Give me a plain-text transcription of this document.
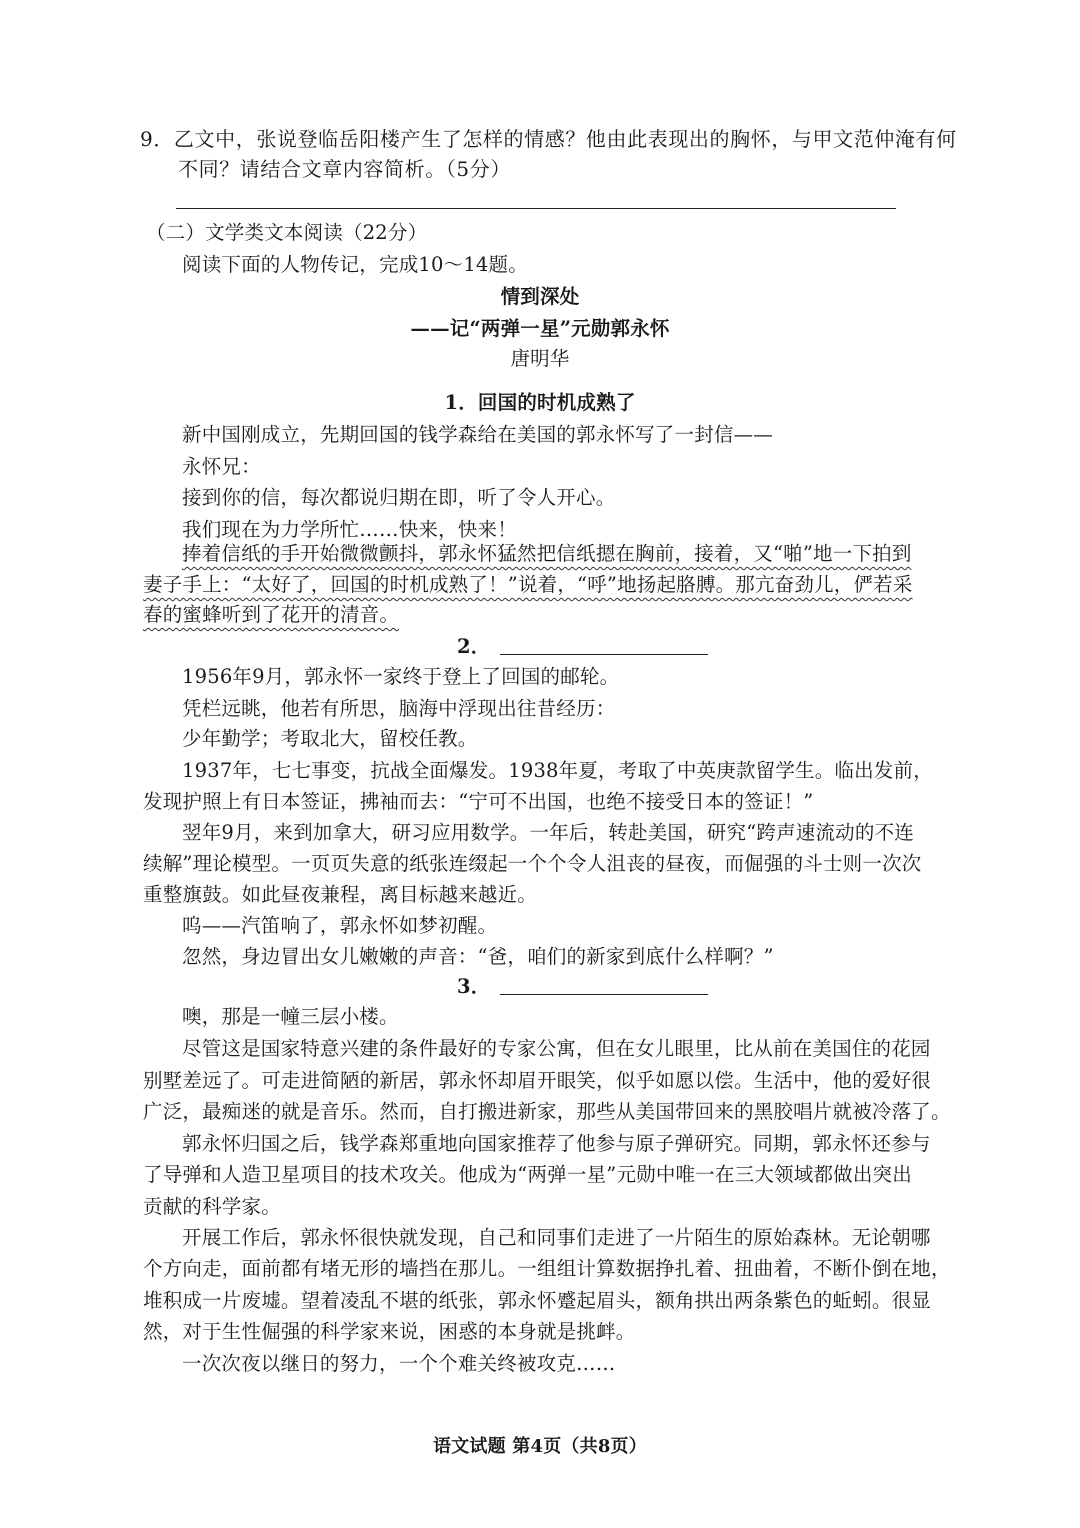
9．乙文中，张说登临岳阳楼产生了怎样的情感？他由此表现出的胸怀，与甲文范仲淹有何
不同？请结合文章内容简析。（5分）
（二）文学类文本阅读（22分）
阅读下面的人物传记，完成10～14题。
情到深处
——记“两弹一星”元勋郭永怀
唐明华
1．回国的时机成熟了
新中国刚成立，先期回国的钱学森给在美国的郭永怀写了一封信——
永怀兄：
接到你的信，每次都说归期在即，听了令人开心。
我们现在为力学所忙……快来，快来！
捧着信纸的手开始微微颤抖，郭永怀猛然把信纸摁在胸前，接着，又“啪”地一下拍到
妻子手上：“太好了，回国的时机成熟了！”说着，“呼”地扬起胳膊。那亢奋劲儿，俨若采
春的蜜蜂听到了花开的清音。
2．
1956年9月，郭永怀一家终于登上了回国的邮轮。
凭栏远眺，他若有所思，脑海中浮现出往昔经历：
少年勤学；考取北大，留校任教。
1937年，七七事变，抗战全面爆发。1938年夏，考取了中英庚款留学生。临出发前，
发现护照上有日本签证，拂袖而去：“宁可不出国，也绝不接受日本的签证！”
翌年9月，来到加拿大，研习应用数学。一年后，转赴美国，研究“跨声速流动的不连
续解”理论模型。一页页失意的纸张连缀起一个个令人沮丧的昼夜，而倔强的斗士则一次次
重整旗鼓。如此昼夜兼程，离目标越来越近。
呜——汽笛响了，郭永怀如梦初醒。
忽然，身边冒出女儿嫩嫩的声音：“爸，咱们的新家到底什么样啊？”
3．
噢，那是一幢三层小楼。
尽管这是国家特意兴建的条件最好的专家公寓，但在女儿眼里，比从前在美国住的花园
别墅差远了。可走进简陋的新居，郭永怀却眉开眼笑，似乎如愿以偿。生活中，他的爱好很
广泛，最痴迷的就是音乐。然而，自打搬进新家，那些从美国带回来的黑胶唱片就被冷落了。
郭永怀归国之后，钱学森郑重地向国家推荐了他参与原子弹研究。同期，郭永怀还参与
了导弹和人造卫星项目的技术攻关。他成为“两弹一星”元勋中唯一在三大领域都做出突出
贡献的科学家。
开展工作后，郭永怀很快就发现，自己和同事们走进了一片陌生的原始森林。无论朝哪
个方向走，面前都有堵无形的墙挡在那儿。一组组计算数据挣扎着、扭曲着，不断仆倒在地，
堆积成一片废墟。望着凌乱不堪的纸张，郭永怀蹙起眉头，额角拱出两条紫色的蚯蚓。很显
然，对于生性倔强的科学家来说，困惑的本身就是挑衅。
一次次夜以继日的努力，一个个难关终被攻克……
语文试题 第4页（共8页）
